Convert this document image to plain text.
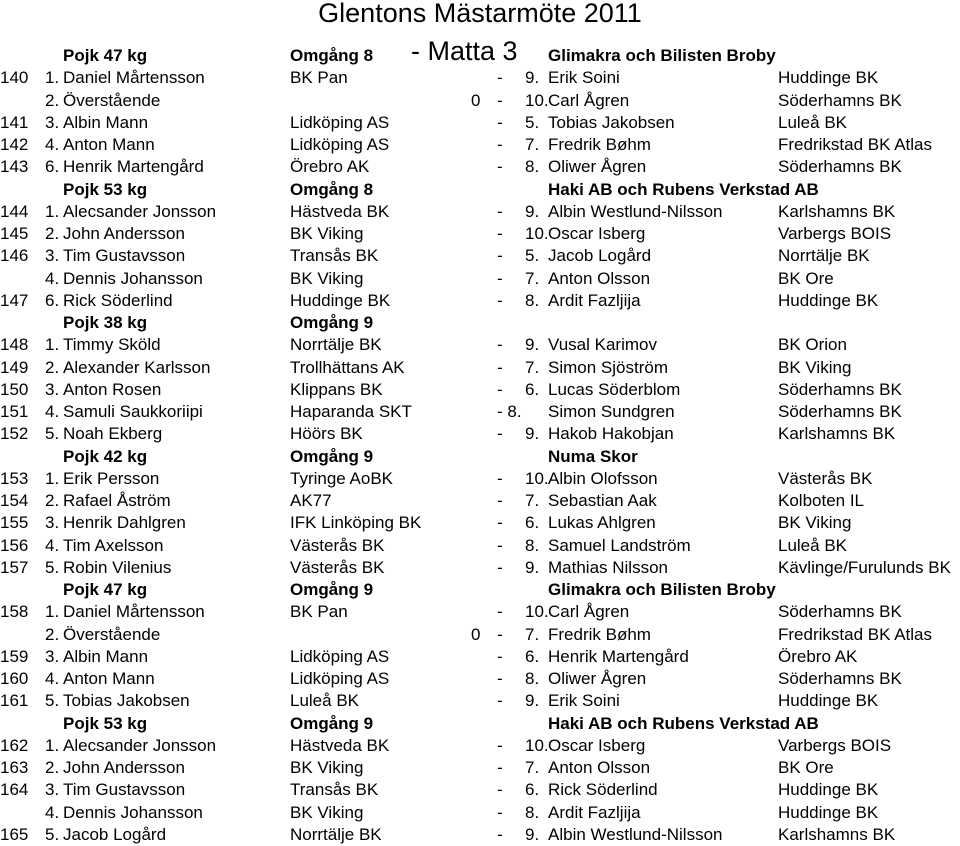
Glentons Mästarmöte 2011
- Matta 3
Pojk 47 kg	Omgång 8	Glimakra och Bilisten Broby
140 1. Daniel Mårtensson	BK Pan	- 9. Erik Soini	Huddinge BK
2. Överstående	0 - 10. Carl Ågren	Söderhamns BK
141 3. Albin Mann	Lidköping AS	- 5. Tobias Jakobsen	Luleå BK
142 4. Anton Mann	Lidköping AS	- 7. Fredrik Bøhm	Fredrikstad BK Atlas
143 6. Henrik Martengård	Örebro AK	- 8. Oliwer Ågren	Söderhamns BK
Pojk 53 kg	Omgång 8	Haki AB och Rubens Verkstad AB
144 1. Alecsander Jonsson	Hästveda BK	- 9. Albin Westlund-Nilsson	Karlshamns BK
145 2. John Andersson	BK Viking	- 10. Oscar Isberg	Varbergs BOIS
146 3. Tim Gustavsson	Transås BK	- 5. Jacob Logård	Norrtälje BK
4. Dennis Johansson	BK Viking	- 7. Anton Olsson	BK Ore
147 6. Rick Söderlind	Huddinge BK	- 8. Ardit Fazljija	Huddinge BK
Pojk 38 kg	Omgång 9
148 1. Timmy Sköld	Norrtälje BK	- 9. Vusal Karimov	BK Orion
149 2. Alexander Karlsson	Trollhättans AK	- 7. Simon Sjöström	BK Viking
150 3. Anton Rosen	Klippans BK	- 6. Lucas Söderblom	Söderhamns BK
151 4. Samuli Saukkoriipi	Haparanda SKT	- 8. Simon Sundgren	Söderhamns BK
152 5. Noah Ekberg	Höörs BK	- 9. Hakob Hakobjan	Karlshamns BK
Pojk 42 kg	Omgång 9	Numa Skor
153 1. Erik Persson	Tyringe AoBK	- 10. Albin Olofsson	Västerås BK
154 2. Rafael Åström	AK77	- 7. Sebastian Aak	Kolboten IL
155 3. Henrik Dahlgren	IFK Linköping BK	- 6. Lukas Ahlgren	BK Viking
156 4. Tim Axelsson	Västerås BK	- 8. Samuel Landström	Luleå BK
157 5. Robin Vilenius	Västerås BK	- 9. Mathias Nilsson	Kävlinge/Furulunds BK
Pojk 47 kg	Omgång 9	Glimakra och Bilisten Broby
158 1. Daniel Mårtensson	BK Pan	- 10. Carl Ågren	Söderhamns BK
2. Överstående	0 - 7. Fredrik Bøhm	Fredrikstad BK Atlas
159 3. Albin Mann	Lidköping AS	- 6. Henrik Martengård	Örebro AK
160 4. Anton Mann	Lidköping AS	- 8. Oliwer Ågren	Söderhamns BK
161 5. Tobias Jakobsen	Luleå BK	- 9. Erik Soini	Huddinge BK
Pojk 53 kg	Omgång 9	Haki AB och Rubens Verkstad AB
162 1. Alecsander Jonsson	Hästveda BK	- 10. Oscar Isberg	Varbergs BOIS
163 2. John Andersson	BK Viking	- 7. Anton Olsson	BK Ore
164 3. Tim Gustavsson	Transås BK	- 6. Rick Söderlind	Huddinge BK
4. Dennis Johansson	BK Viking	- 8. Ardit Fazljija	Huddinge BK
165 5. Jacob Logård	Norrtälje BK	- 9. Albin Westlund-Nilsson	Karlshamns BK
